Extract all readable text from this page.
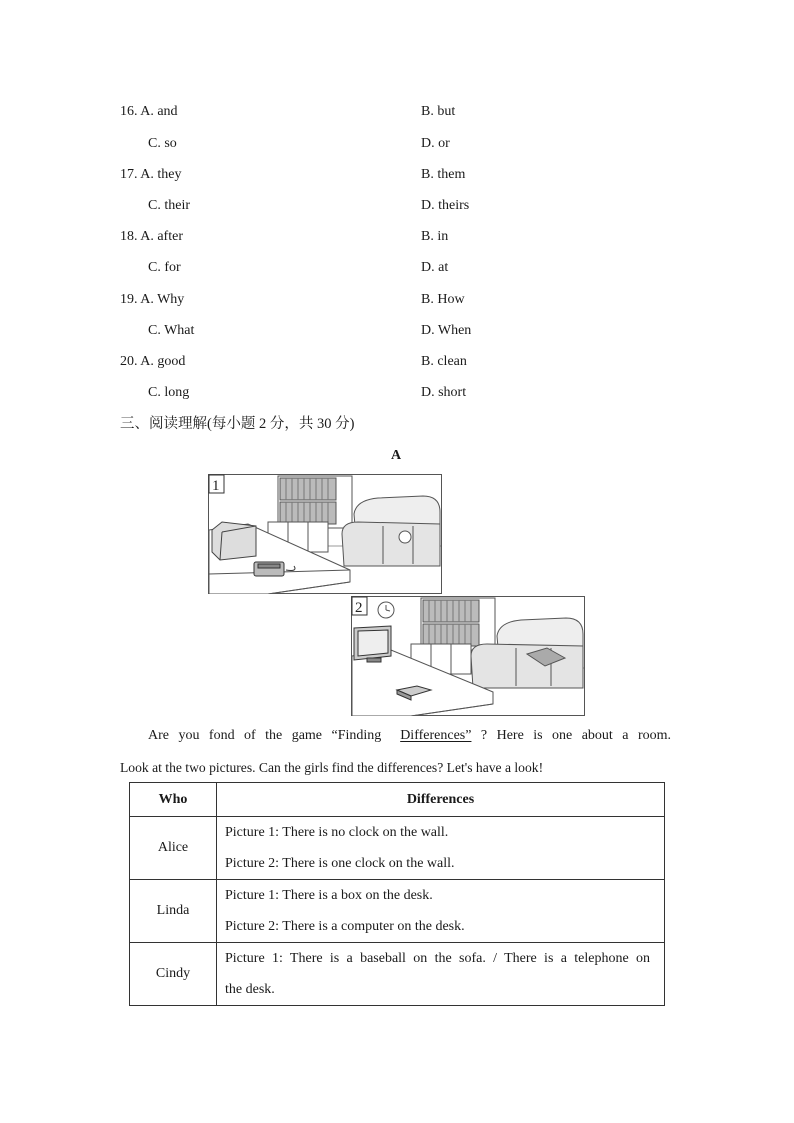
16. A. and	B. but
C. so	D. or
17. A. they	B. them
C. their	D. theirs
18. A. after	B. in
C. for	D. at
19. A. Why	B. How
C. What	D. When
20. A. good	B. clean
C. long	D. short
三、阅读理解(每小题 2 分，共 30 分)
A
1
2
Are you fond of the game “Finding Differences” ? Here is one about a room.
Look at the two pictures. Can the girls find the differences? Let's have a look!
Who	Differences
Alice	Picture 1: There is no clock on the wall.
Picture 2: There is one clock on the wall.

Linda	Picture 1: There is a box on the desk.
Picture 2: There is a computer on the desk.

Cindy	Picture 1: There is a baseball on the sofa. / There is a telephone on
the desk.
